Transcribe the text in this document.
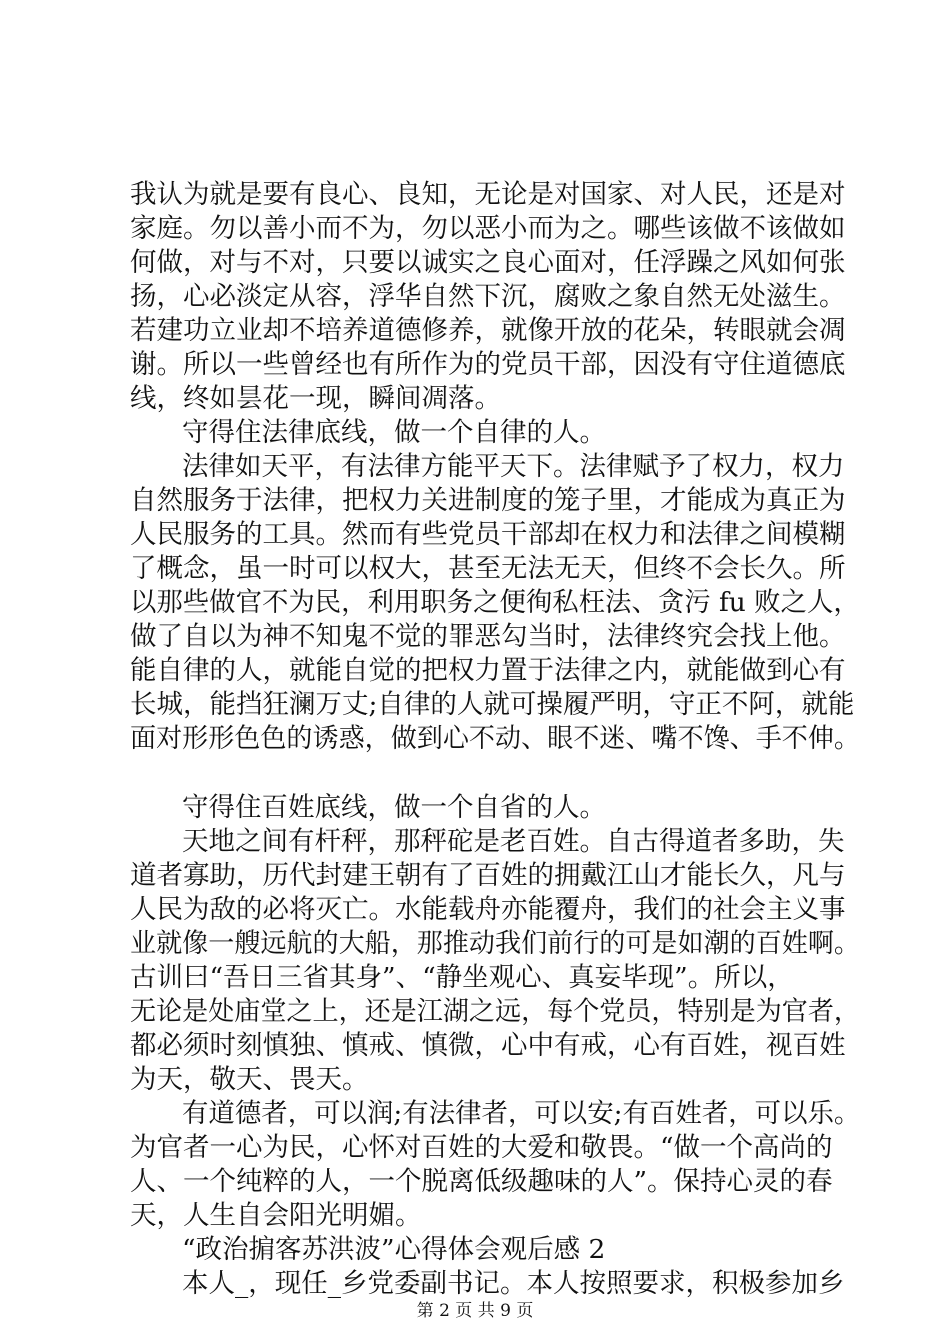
我认为就是要有良心、良知，无论是对国家、对人民，还是对
家庭。勿以善小而不为，勿以恶小而为之。哪些该做不该做如
何做，对与不对，只要以诚实之良心面对，任浮躁之风如何张
扬，心必淡定从容，浮华自然下沉，腐败之象自然无处滋生。
若建功立业却不培养道德修养，就像开放的花朵，转眼就会凋
谢。所以一些曾经也有所作为的党员干部，因没有守住道德底
线，终如昙花一现，瞬间凋落。
守得住法律底线，做一个自律的人。
法律如天平，有法律方能平天下。法律赋予了权力，权力
自然服务于法律，把权力关进制度的笼子里，才能成为真正为
人民服务的工具。然而有些党员干部却在权力和法律之间模糊
了概念，虽一时可以权大，甚至无法无天，但终不会长久。所
以那些做官不为民，利用职务之便徇私枉法、贪污 fu 败之人，
做了自以为神不知鬼不觉的罪恶勾当时，法律终究会找上他。
能自律的人，就能自觉的把权力置于法律之内，就能做到心有
长城，能挡狂澜万丈;自律的人就可操履严明，守正不阿，就能
面对形形色色的诱惑，做到心不动、眼不迷、嘴不馋、手不伸。
守得住百姓底线，做一个自省的人。
天地之间有杆秤，那秤砣是老百姓。自古得道者多助，失
道者寡助，历代封建王朝有了百姓的拥戴江山才能长久，凡与
人民为敌的必将灭亡。水能载舟亦能覆舟，我们的社会主义事
业就像一艘远航的大船，那推动我们前行的可是如潮的百姓啊。
古训曰“吾日三省其身”、“静坐观心、真妄毕现”。所以，
无论是处庙堂之上，还是江湖之远，每个党员，特别是为官者，
都必须时刻慎独、慎戒、慎微，心中有戒，心有百姓，视百姓
为天，敬天、畏天。
有道德者，可以润;有法律者，可以安;有百姓者，可以乐。
为官者一心为民，心怀对百姓的大爱和敬畏。“做一个高尚的
人、一个纯粹的人，一个脱离低级趣味的人”。保持心灵的春
天，人生自会阳光明媚。
“政治掮客苏洪波”心得体会观后感 2
本人_，现任_乡党委副书记。本人按照要求，积极参加乡
第 2 页 共 9 页
